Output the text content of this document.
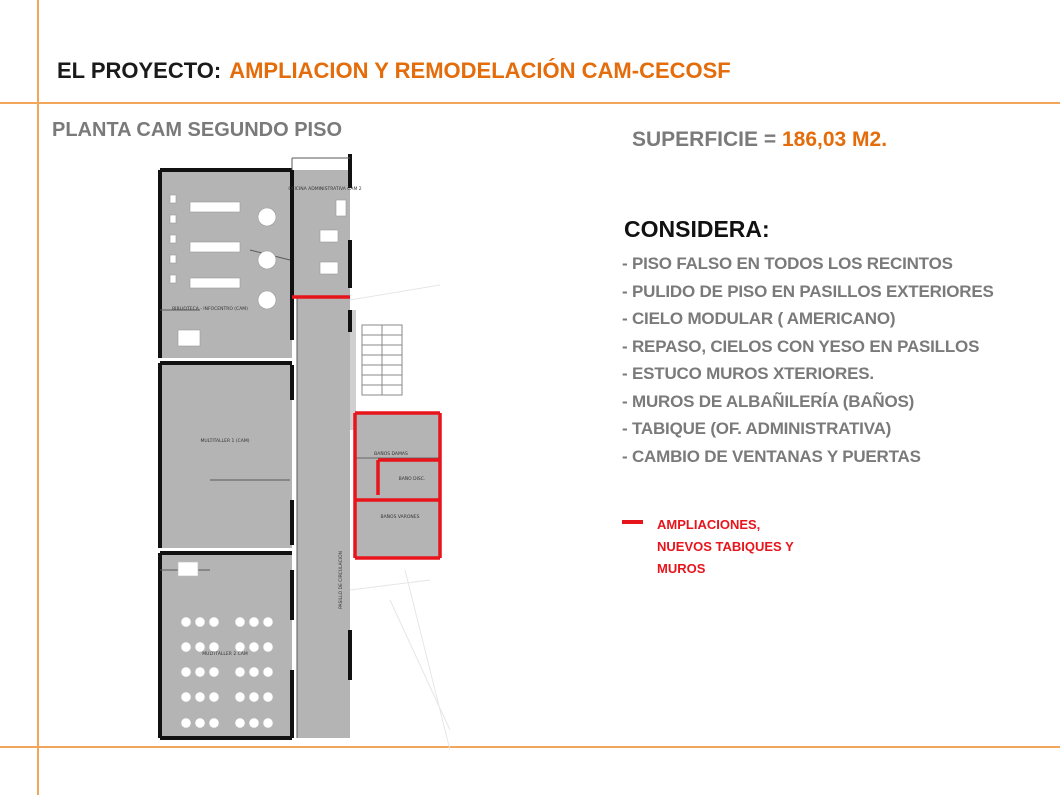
EL PROYECTO: AMPLIACION Y REMODELACIÓN CAM-CECOSF
PLANTA CAM SEGUNDO PISO	SUPERFICIE = 186,03 M2.
CONSIDERA:
- PISO FALSO EN TODOS LOS RECINTOS
- PULIDO DE PISO EN PASILLOS EXTERIORES
- CIELO MODULAR ( AMERICANO)
- REPASO, CIELOS CON YESO EN PASILLOS
- ESTUCO MUROS XTERIORES.
- MUROS DE ALBAÑILERÍA (BAÑOS)
- TABIQUE (OF. ADMINISTRATIVA)
- CAMBIO DE VENTANAS Y PUERTAS
AMPLIACIONES, NUEVOS TABIQUES Y MUROS
OFICINA ADMINISTRATIVA CAM 2
BIBLIOTECA - INFOCENTRO (CAM)
MULTITALLER 1 (CAM)
MULTITALLER 2 CAM
BAÑOS DAMAS
BAÑO DISC.
BAÑOS VARONES
PASILLO DE CIRCULACION
